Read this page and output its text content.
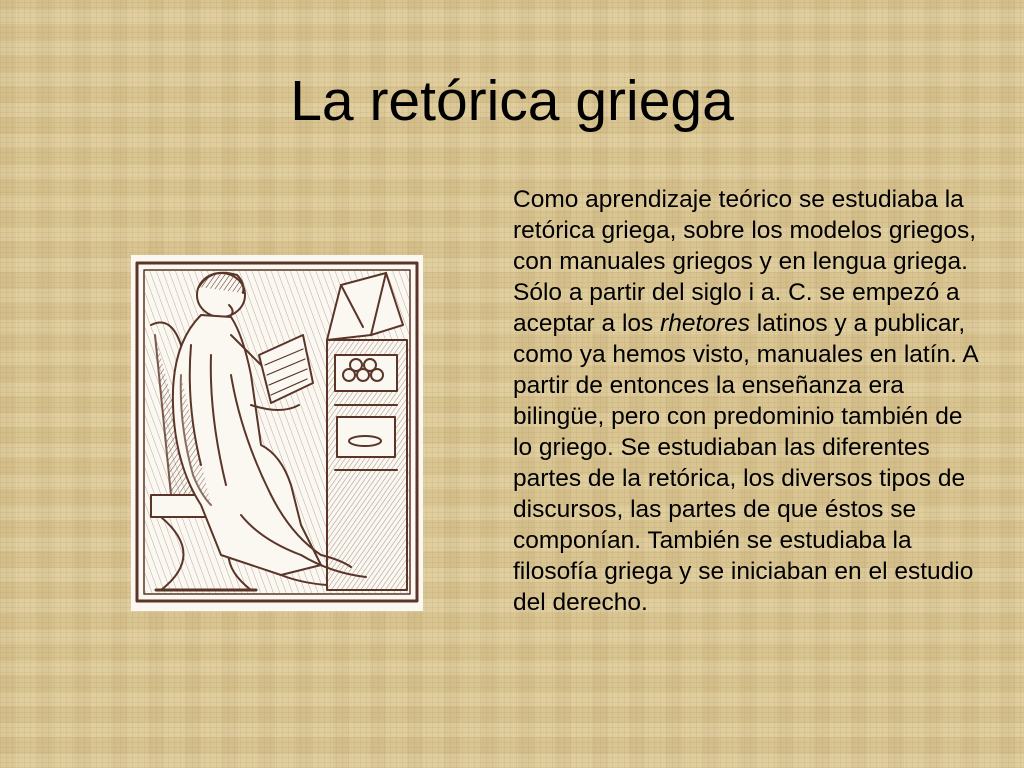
La retórica griega

Como aprendizaje teórico se estudiaba la retórica griega, sobre los modelos griegos, con manuales griegos y en lengua griega. Sólo a partir del siglo i a. C. se empezó a aceptar a los rhetores latinos y a publicar, como ya hemos visto, manuales en latín. A partir de entonces la enseñanza era bilingüe, pero con predominio también de lo griego. Se estudiaban las diferentes partes de la retórica, los diversos tipos de discursos, las partes de que éstos se componían. También se estudiaba la filosofía griega y se iniciaban en el estudio del derecho.
